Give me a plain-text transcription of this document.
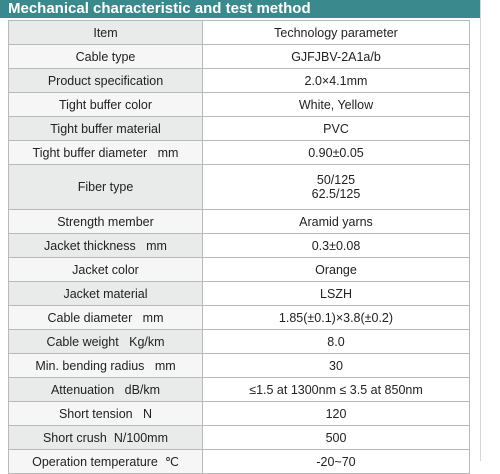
Mechanical characteristic and test method
Item	Technology parameter
Cable type	GJFJBV-2A1a/b
Product specification	2.0×4.1mm
Tight buffer color	White, Yellow
Tight buffer material	PVC
Tight buffer diameter   mm	0.90±0.05
Fiber type	50/125
62.5/125

Strength member	Aramid yarns
Jacket thickness   mm	0.3±0.08
Jacket color	Orange
Jacket material	LSZH
Cable diameter   mm	1.85(±0.1)×3.8(±0.2)
Cable weight   Kg/km	8.0
Min. bending radius   mm	30
Attenuation   dB/km	≤1.5 at 1300nm ≤ 3.5 at 850nm
Short tension   N	120
Short crush  N/100mm	500
Operation temperature  ℃	-20~70
